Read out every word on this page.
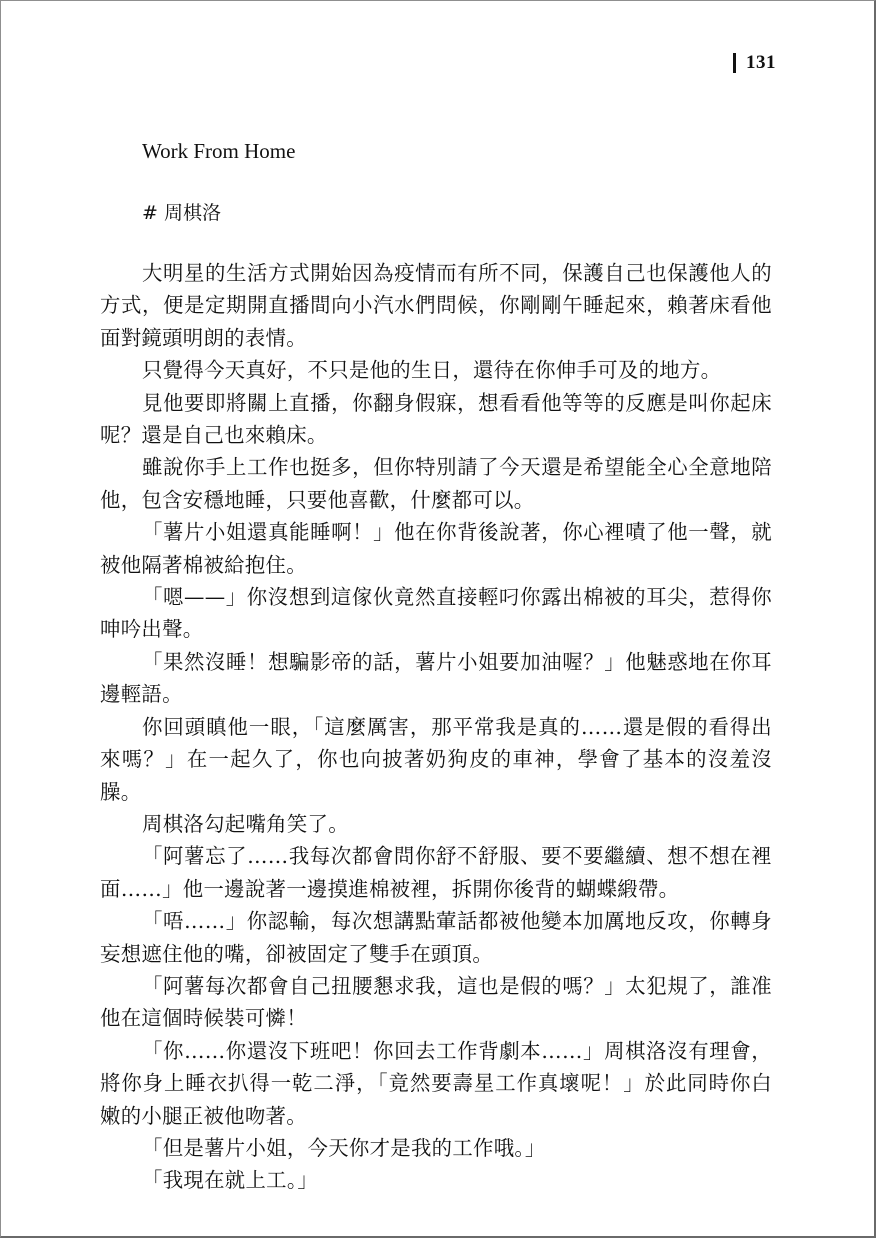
131
Work From Home
# 周棋洛

大明星的生活方式開始因為疫情而有所不同，保護自己也保護他人的方式，便是定期開直播間向小汽水們問候，你剛剛午睡起來，賴著床看他面對鏡頭明朗的表情。

只覺得今天真好，不只是他的生日，還待在你伸手可及的地方。

見他要即將關上直播，你翻身假寐，想看看他等等的反應是叫你起床呢？還是自己也來賴床。

雖說你手上工作也挺多，但你特別請了今天還是希望能全心全意地陪他，包含安穩地睡，只要他喜歡，什麼都可以。

「薯片小姐還真能睡啊！」他在你背後說著，你心裡嘖了他一聲，就被他隔著棉被給抱住。

「嗯——」你沒想到這傢伙竟然直接輕叼你露出棉被的耳尖，惹得你呻吟出聲。

「果然沒睡！想騙影帝的話，薯片小姐要加油喔？」他魅惑地在你耳邊輕語。

你回頭瞋他一眼，「這麼厲害，那平常我是真的……還是假的看得出來嗎？」在一起久了，你也向披著奶狗皮的車神，學會了基本的沒羞沒臊。

周棋洛勾起嘴角笑了。

「阿薯忘了……我每次都會問你舒不舒服、要不要繼續、想不想在裡面……」他一邊說著一邊摸進棉被裡，拆開你後背的蝴蝶緞帶。

「唔……」你認輸，每次想講點葷話都被他變本加厲地反攻，你轉身妄想遮住他的嘴，卻被固定了雙手在頭頂。

「阿薯每次都會自己扭腰懇求我，這也是假的嗎？」太犯規了，誰准他在這個時候裝可憐！

「你……你還沒下班吧！你回去工作背劇本……」周棋洛沒有理會，將你身上睡衣扒得一乾二淨，「竟然要壽星工作真壞呢！」於此同時你白嫩的小腿正被他吻著。

「但是薯片小姐，今天你才是我的工作哦。」

「我現在就上工。」
